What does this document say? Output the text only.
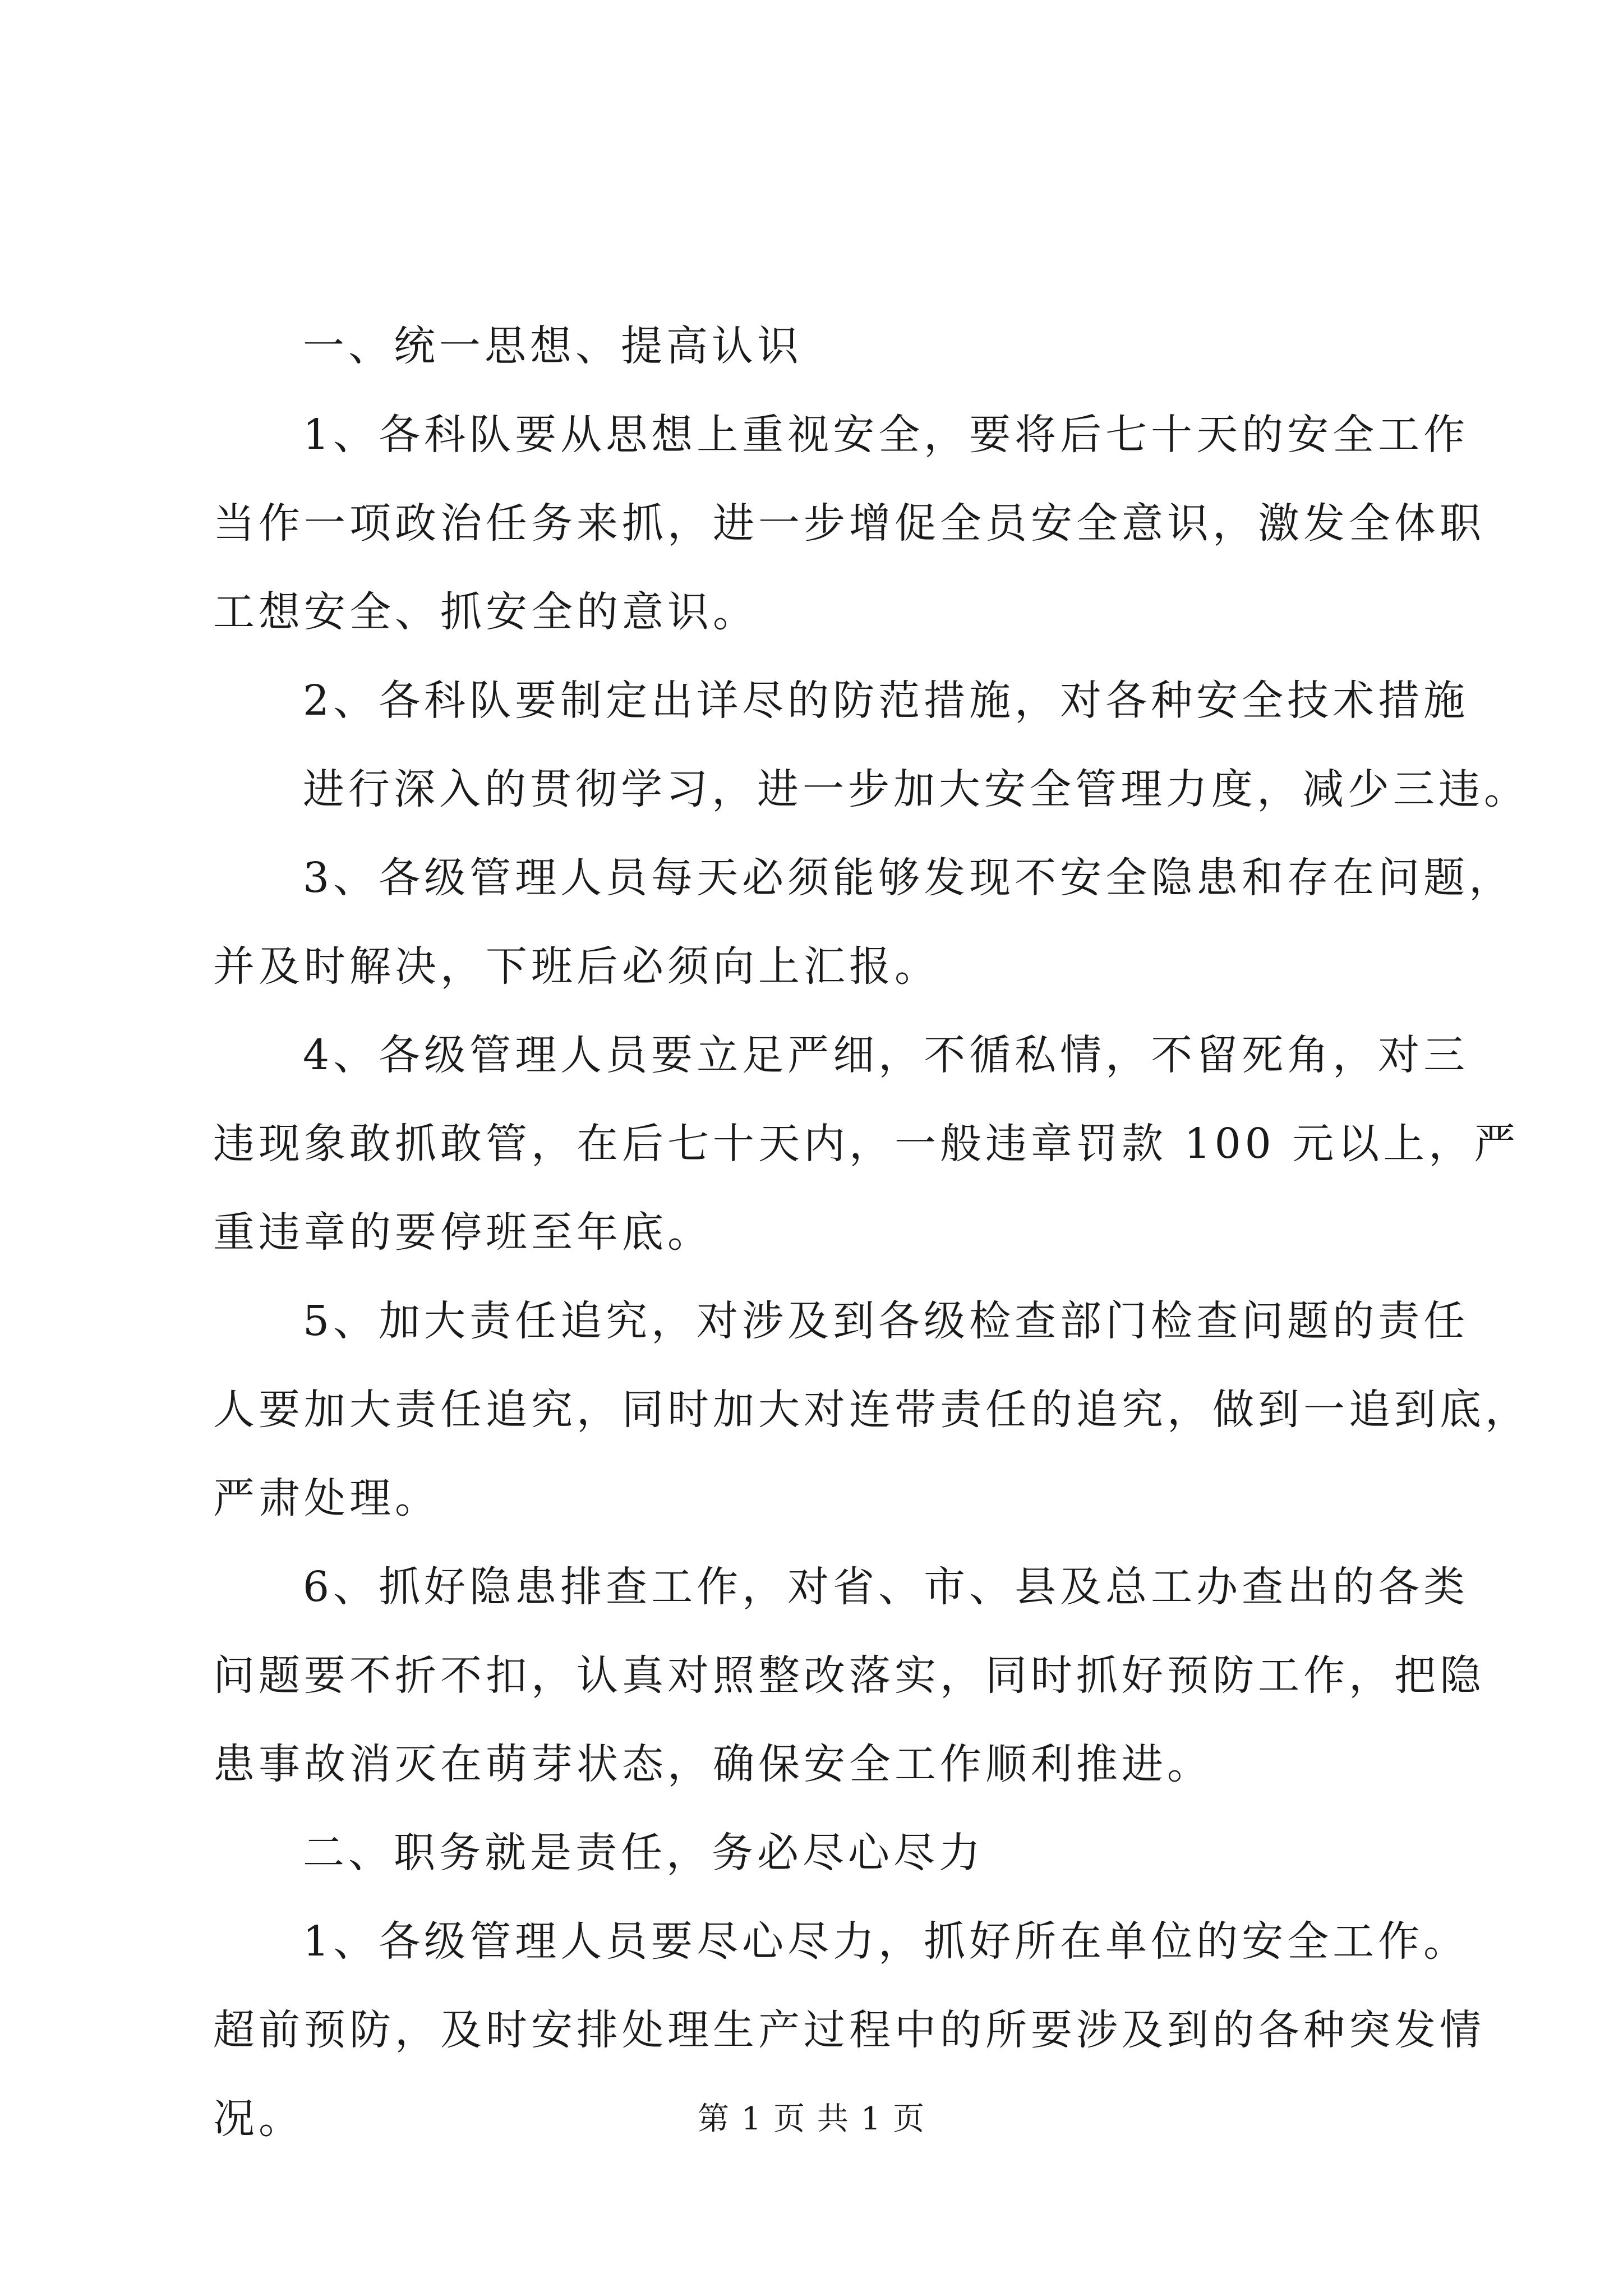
一、统一思想、提高认识
1、各科队要从思想上重视安全，要将后七十天的安全工作
当作一项政治任务来抓，进一步增促全员安全意识，激发全体职
工想安全、抓安全的意识。
2、各科队要制定出详尽的防范措施，对各种安全技术措施
进行深入的贯彻学习，进一步加大安全管理力度，减少三违。
3、各级管理人员每天必须能够发现不安全隐患和存在问题，
并及时解决，下班后必须向上汇报。
4、各级管理人员要立足严细，不循私情，不留死角，对三
违现象敢抓敢管，在后七十天内，一般违章罚款 100 元以上，严
重违章的要停班至年底。
5、加大责任追究，对涉及到各级检查部门检查问题的责任
人要加大责任追究，同时加大对连带责任的追究，做到一追到底，
严肃处理。
6、抓好隐患排查工作，对省、市、县及总工办查出的各类
问题要不折不扣，认真对照整改落实，同时抓好预防工作，把隐
患事故消灭在萌芽状态，确保安全工作顺利推进。
二、职务就是责任，务必尽心尽力
1、各级管理人员要尽心尽力，抓好所在单位的安全工作。
超前预防，及时安排处理生产过程中的所要涉及到的各种突发情
况。	第 1 页 共 1 页
